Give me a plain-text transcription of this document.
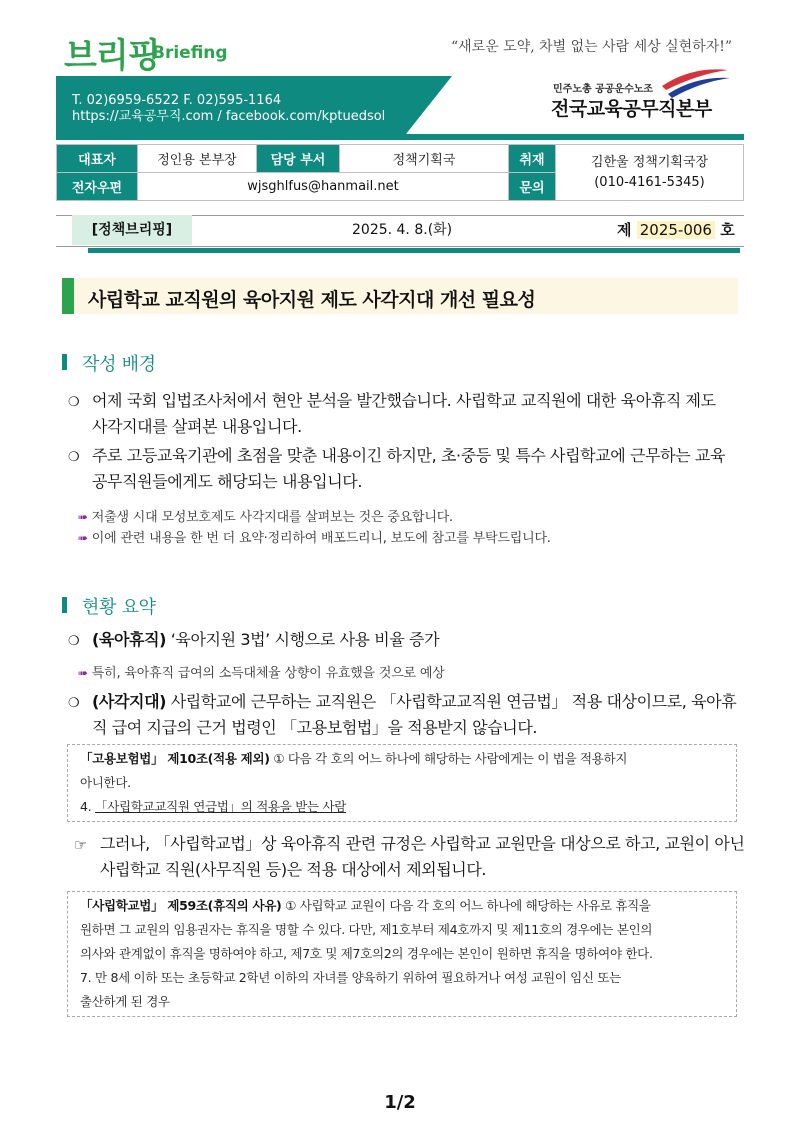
브리핑
Briefing	“새로운 도약, 차별 없는 사람 세상 실현하자!”
T. 02)6959-6522 F. 02)595-1164
https://교육공무직.com / facebook.com/kptuedsol
민주노총 공공운수노조
전국교육공무직본부
대표자	정인용 본부장	담당 부서	정책기획국	취재	김한울 정책기획국장
(010-4161-5345)

전자우편	wjsghlfus@hanmail.net			문의	
[정책브리핑]	2025. 4. 8.(화)	제 2025-006 호
사립학교 교직원의 육아지원 제도 사각지대 개선 필요성
작성 배경
❍ 어제 국회 입법조사처에서 현안 분석을 발간했습니다. 사립학교 교직원에 대한 육아휴직 제도
사각지대를 살펴본 내용입니다.
❍ 주로 고등교육기관에 초점을 맞춘 내용이긴 하지만, 초·중등 및 특수 사립학교에 근무하는 교육
공무직원들에게도 해당되는 내용입니다.
➠ 저출생 시대 모성보호제도 사각지대를 살펴보는 것은 중요합니다.
➠ 이에 관련 내용을 한 번 더 요약·정리하여 배포드리니, 보도에 참고를 부탁드립니다.
현황 요약
❍ (육아휴직) ‘육아지원 3법’ 시행으로 사용 비율 증가
➠ 특히, 육아휴직 급여의 소득대체율 상향이 유효했을 것으로 예상
❍ (사각지대) 사립학교에 근무하는 교직원은 「사립학교교직원 연금법」 적용 대상이므로, 육아휴
직 급여 지급의 근거 법령인 「고용보험법」을 적용받지 않습니다.
「고용보험법」 제10조(적용 제외) ① 다음 각 호의 어느 하나에 해당하는 사람에게는 이 법을 적용하지
아니한다.
4. 「사립학교교직원 연금법」의 적용을 받는 사람
☞ 그러나, 「사립학교법」상 육아휴직 관련 규정은 사립학교 교원만을 대상으로 하고, 교원이 아닌
사립학교 직원(사무직원 등)은 적용 대상에서 제외됩니다.
「사립학교법」 제59조(휴직의 사유) ① 사립학교 교원이 다음 각 호의 어느 하나에 해당하는 사유로 휴직을
원하면 그 교원의 임용권자는 휴직을 명할 수 있다. 다만, 제1호부터 제4호까지 및 제11호의 경우에는 본인의
의사와 관계없이 휴직을 명하여야 하고, 제7호 및 제7호의2의 경우에는 본인이 원하면 휴직을 명하여야 한다.
7. 만 8세 이하 또는 초등학교 2학년 이하의 자녀를 양육하기 위하여 필요하거나 여성 교원이 임신 또는
출산하게 된 경우
1/2
